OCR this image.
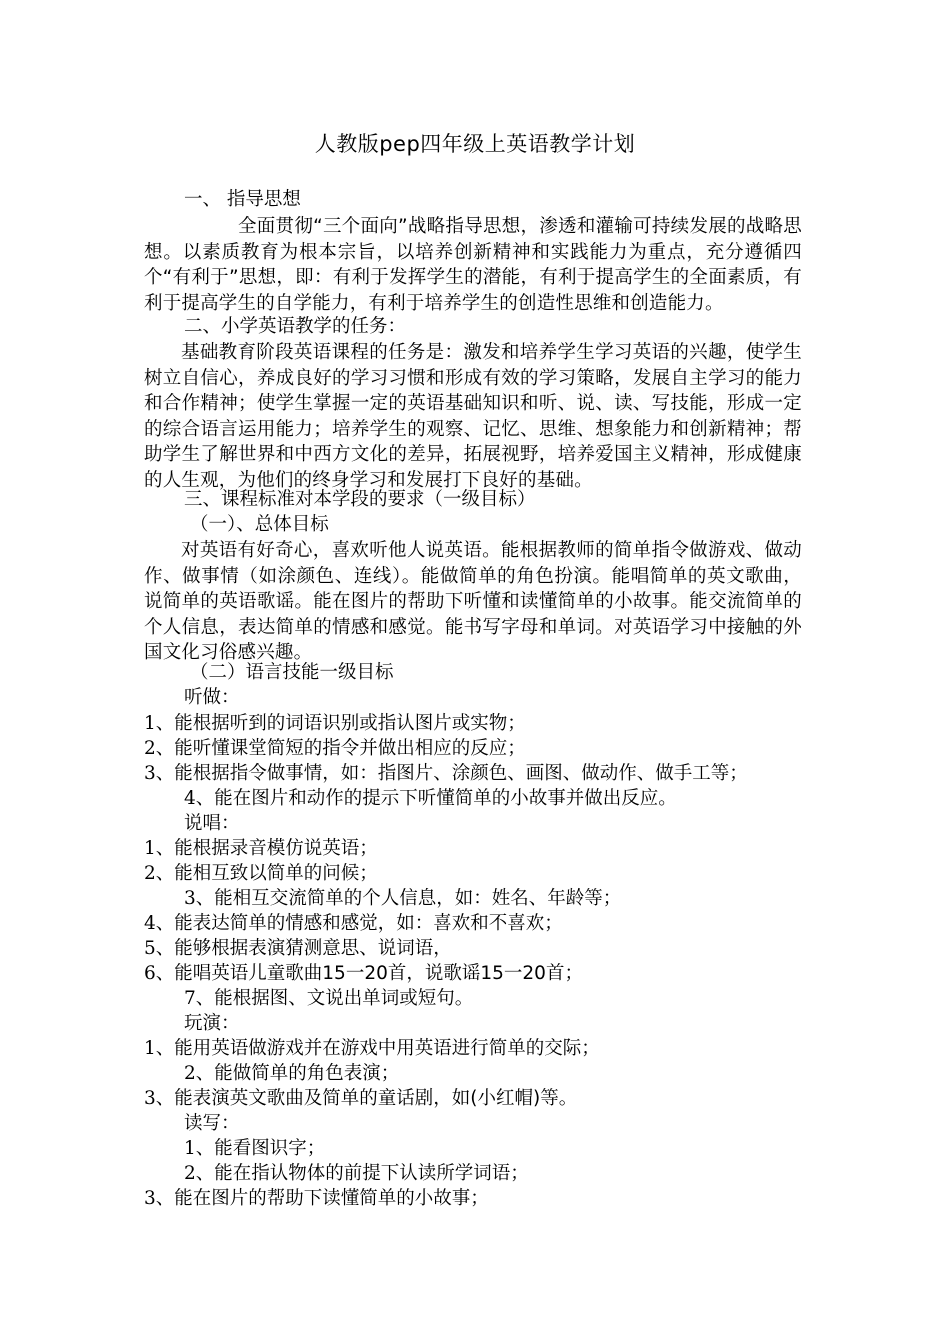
人教版pep四年级上英语教学计划
一、 指导思想
全面贯彻“三个面向”战略指导思想，渗透和灌输可持续发展的战略思想。以素质教育为根本宗旨，以培养创新精神和实践能力为重点，充分遵循四个“有利于”思想，即：有利于发挥学生的潜能，有利于提高学生的全面素质，有利于提高学生的自学能力，有利于培养学生的创造性思维和创造能力。
二、小学英语教学的任务：
基础教育阶段英语课程的任务是：激发和培养学生学习英语的兴趣，使学生树立自信心，养成良好的学习习惯和形成有效的学习策略，发展自主学习的能力和合作精神；使学生掌握一定的英语基础知识和听、说、读、写技能，形成一定的综合语言运用能力；培养学生的观察、记忆、思维、想象能力和创新精神；帮助学生了解世界和中西方文化的差异，拓展视野，培养爱国主义精神，形成健康的人生观，为他们的终身学习和发展打下良好的基础。
三、课程标准对本学段的要求（一级目标）
（一）、总体目标
对英语有好奇心，喜欢听他人说英语。能根据教师的简单指令做游戏、做动作、做事情（如涂颜色、连线）。能做简单的角色扮演。能唱简单的英文歌曲，说简单的英语歌谣。能在图片的帮助下听懂和读懂简单的小故事。能交流简单的个人信息，表达简单的情感和感觉。能书写字母和单词。对英语学习中接触的外国文化习俗感兴趣。
（二）语言技能一级目标
听做：
1、能根据听到的词语识别或指认图片或实物；
2、能听懂课堂简短的指令并做出相应的反应；
3、能根据指令做事情，如：指图片、涂颜色、画图、做动作、做手工等；
4、能在图片和动作的提示下听懂简单的小故事并做出反应。
说唱：
1、能根据录音模仿说英语；
2、能相互致以简单的问候；
3、能相互交流简单的个人信息，如：姓名、年龄等；
4、能表达简单的情感和感觉，如：喜欢和不喜欢；
5、能够根据表演猜测意思、说词语，
6、能唱英语儿童歌曲15一20首，说歌谣15一20首；
7、能根据图、文说出单词或短句。
玩演：
1、能用英语做游戏并在游戏中用英语进行简单的交际；
2、能做简单的角色表演；
3、能表演英文歌曲及简单的童话剧，如(小红帽)等。
读写：
1、能看图识字；
2、能在指认物体的前提下认读所学词语；
3、能在图片的帮助下读懂简单的小故事；
